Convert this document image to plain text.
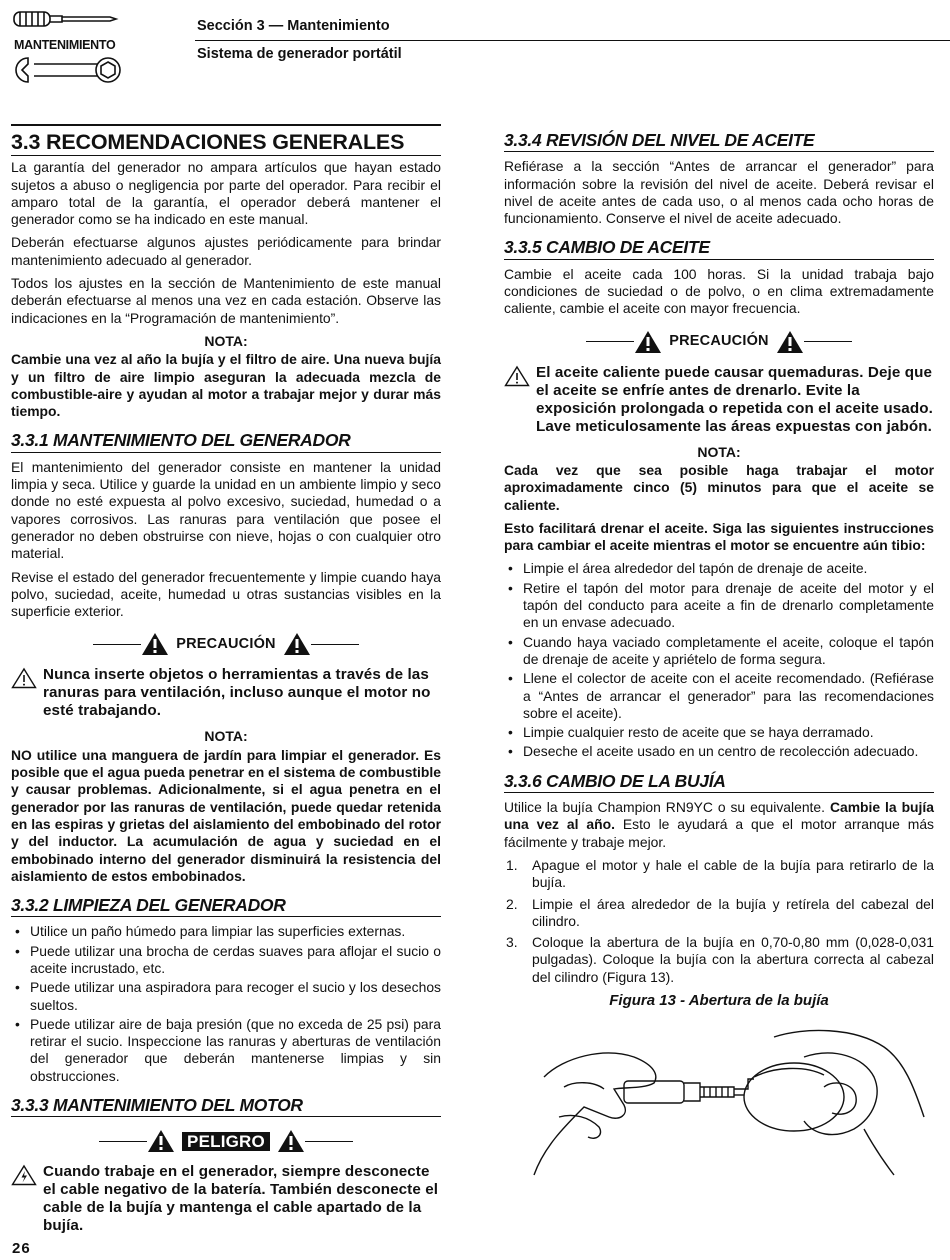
MANTENIMIENTO
Sección 3 — Mantenimiento
Sistema de generador portátil
3.3 RECOMENDACIONES GENERALES

La garantía del generador no ampara artículos que hayan estado sujetos a abuso o negligencia por parte del operador. Para recibir el amparo total de la garantía, el operador deberá mantener el generador como se ha indicado en este manual.

Deberán efectuarse algunos ajustes periódicamente para brindar mantenimiento adecuado al generador.

Todos los ajustes en la sección de Mantenimiento de este manual deberán efectuarse al menos una vez en cada estación. Observe las indicaciones en la “Programación de mantenimiento”.

NOTA:
Cambie una vez al año la bujía y el filtro de aire. Una nueva bujía y un filtro de aire limpio aseguran la adecuada mezcla de combustible-aire y ayudan al motor a trabajar mejor y durar más tiempo.
3.3.1 MANTENIMIENTO DEL GENERADOR

El mantenimiento del generador consiste en mantener la unidad limpia y seca. Utilice y guarde la unidad en un ambiente limpio y seco donde no esté expuesta al polvo excesivo, suciedad, humedad o a vapores corrosivos. Las ranuras para ventilación que posee el generador no deben obstruirse con nieve, hojas o con cualquier otro material.

Revise el estado del generador frecuentemente y limpie cuando haya polvo, suciedad, aceite, humedad u otras sustancias visibles en la superficie exterior.

PRECAUCIÓN
Nunca inserte objetos o herramientas a través de las ranuras para ventilación, incluso aunque el motor no esté trabajando.
NOTA:
NO utilice una manguera de jardín para limpiar el generador. Es posible que el agua pueda penetrar en el sistema de combustible y causar problemas. Adicionalmente, si el agua penetra en el generador por las ranuras de ventilación, puede quedar retenida en las espiras y grietas del aislamiento del embobinado del rotor y del inductor. La acumulación de agua y suciedad en el embobinado interno del generador disminuirá la resistencia del aislamiento de estos embobinados.
3.3.2 LIMPIEZA DEL GENERADOR
• Utilice un paño húmedo para limpiar las superficies externas.
• Puede utilizar una brocha de cerdas suaves para aflojar el sucio o aceite incrustado, etc.
• Puede utilizar una aspiradora para recoger el sucio y los desechos sueltos.
• Puede utilizar aire de baja presión (que no exceda de 25 psi) para retirar el sucio. Inspeccione las ranuras y aberturas de ventilación del generador que deberán mantenerse limpias y sin obstrucciones.
3.3.3 MANTENIMIENTO DEL MOTOR
PELIGRO
Cuando trabaje en el generador, siempre desconecte el cable negativo de la batería. También desconecte el cable de la bujía y mantenga el cable apartado de la bujía.
3.3.4 REVISIÓN DEL NIVEL DE ACEITE

Refiérase a la sección “Antes de arrancar el generador” para información sobre la revisión del nivel de aceite. Deberá revisar el nivel de aceite antes de cada uso, o al menos cada ocho horas de funcionamiento. Conserve el nivel de aceite adecuado.

3.3.5 CAMBIO DE ACEITE

Cambie el aceite cada 100 horas. Si la unidad trabaja bajo condiciones de suciedad o de polvo, o en clima extremadamente caliente, cambie el aceite con mayor frecuencia.

PRECAUCIÓN
El aceite caliente puede causar quemaduras. Deje que el aceite se enfríe antes de drenarlo. Evite la exposición prolongada o repetida con el aceite usado. Lave meticulosamente las áreas expuestas con jabón.
NOTA:
Cada vez que sea posible haga trabajar el motor aproximadamente cinco (5) minutos para que el aceite se caliente.
Esto facilitará drenar el aceite. Siga las siguientes instrucciones para cambiar el aceite mientras el motor se encuentre aún tibio:
• Limpie el área alrededor del tapón de drenaje de aceite.
• Retire el tapón del motor para drenaje de aceite del motor y el tapón del conducto para aceite a fin de drenarlo completamente en un envase adecuado.
• Cuando haya vaciado completamente el aceite, coloque el tapón de drenaje de aceite y apriételo de forma segura.
• Llene el colector de aceite con el aceite recomendado. (Refiérase a “Antes de arrancar el generador” para las recomendaciones sobre el aceite).
• Limpie cualquier resto de aceite que se haya derramado.
• Deseche el aceite usado en un centro de recolección adecuado.
3.3.6 CAMBIO DE LA BUJÍA

Utilice la bujía Champion RN9YC o su equivalente. Cambie la bujía una vez al año. Esto le ayudará a que el motor arranque más fácilmente y trabaje mejor.

1. Apague el motor y hale el cable de la bujía para retirarlo de la bujía.
2. Limpie el área alrededor de la bujía y retírela del cabezal del cilindro.
3. Coloque la abertura de la bujía en 0,70-0,80 mm (0,028-0,031 pulgadas). Coloque la bujía con la abertura correcta al cabezal del cilindro (Figura 13).
Figura 13 - Abertura de la bujía
26
